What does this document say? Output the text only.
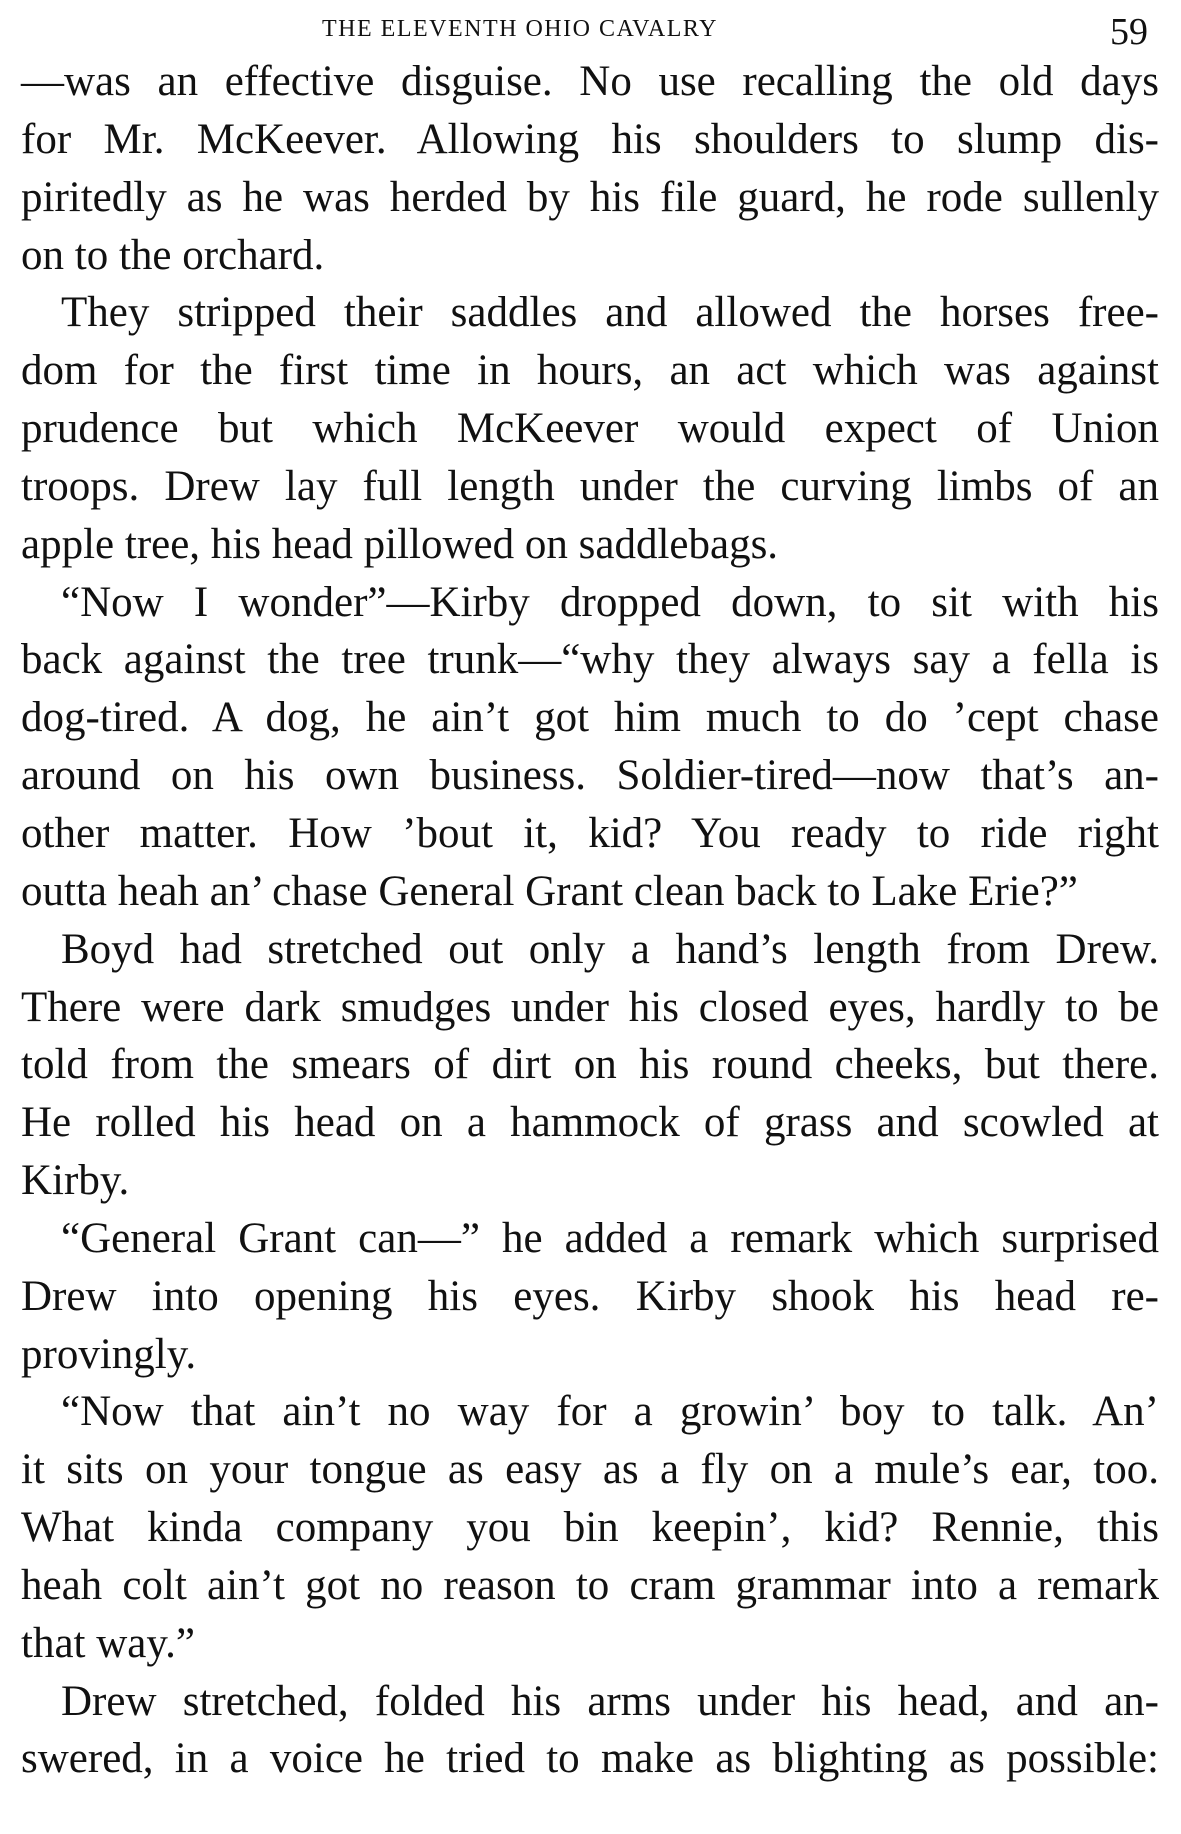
THE ELEVENTH OHIO CAVALRY	59
—was an effective disguise. No use recalling the old days
for Mr. McKeever. Allowing his shoulders to slump dis-
piritedly as he was herded by his file guard, he rode sullenly
on to the orchard.
They stripped their saddles and allowed the horses free-
dom for the first time in hours, an act which was against
prudence but which McKeever would expect of Union
troops. Drew lay full length under the curving limbs of an
apple tree, his head pillowed on saddlebags.
“Now I wonder”—Kirby dropped down, to sit with his
back against the tree trunk—“why they always say a fella is
dog-tired. A dog, he ain’t got him much to do ’cept chase
around on his own business. Soldier-tired—now that’s an-
other matter. How ’bout it, kid? You ready to ride right
outta heah an’ chase General Grant clean back to Lake Erie?”
Boyd had stretched out only a hand’s length from Drew.
There were dark smudges under his closed eyes, hardly to be
told from the smears of dirt on his round cheeks, but there.
He rolled his head on a hammock of grass and scowled at
Kirby.
“General Grant can—” he added a remark which surprised
Drew into opening his eyes. Kirby shook his head re-
provingly.
“Now that ain’t no way for a growin’ boy to talk. An’
it sits on your tongue as easy as a fly on a mule’s ear, too.
What kinda company you bin keepin’, kid? Rennie, this
heah colt ain’t got no reason to cram grammar into a remark
that way.”
Drew stretched, folded his arms under his head, and an-
swered, in a voice he tried to make as blighting as possible:
